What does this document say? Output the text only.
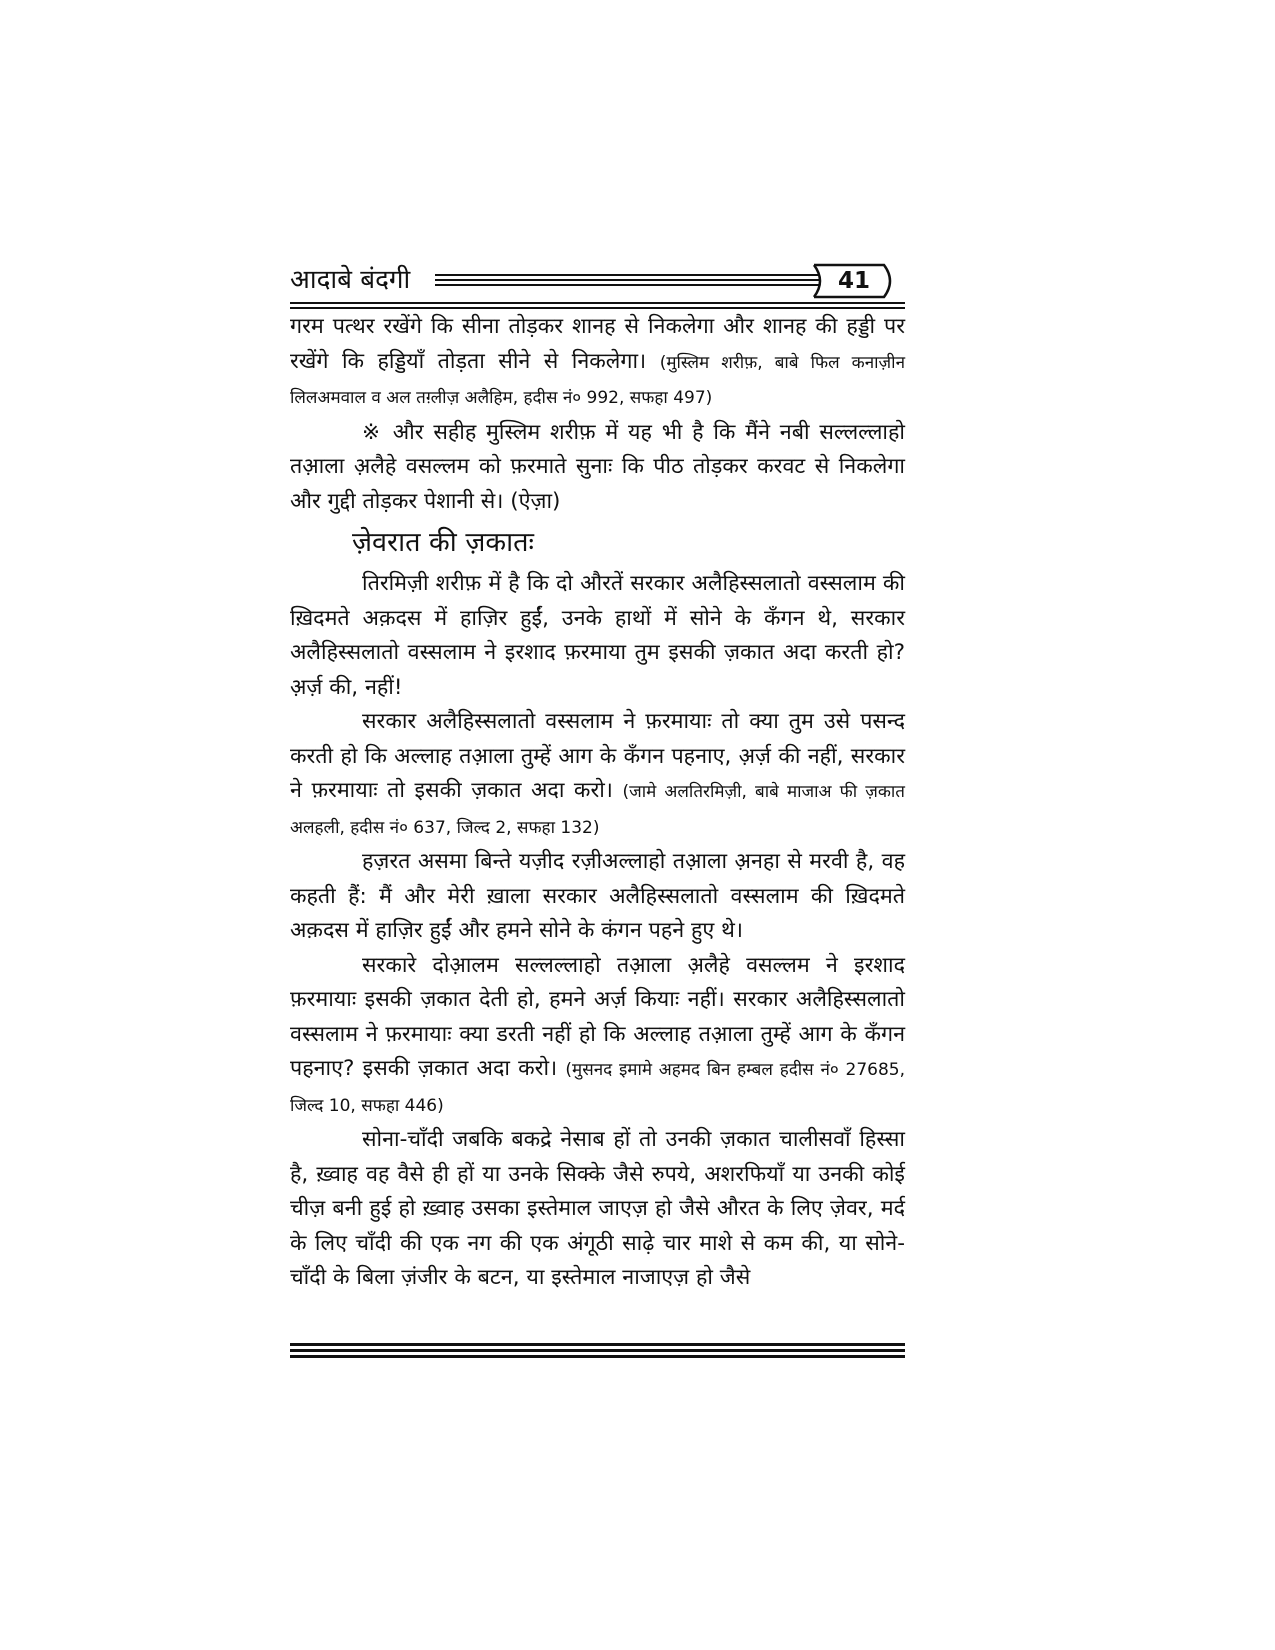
आदाबे बंदगी	41

गरम पत्थर रखेंगे कि सीना तोड़कर शानह से निकलेगा और शानह की हड्डी पर रखेंगे कि हड्डियाँ तोड़ता सीने से निकलेगा। (मुस्लिम शरीफ़, बाबे फिल कनाज़ीन लिलअमवाल व अल तग़्लीज़ अलैहिम, हदीस नं० 992, सफहा 497)

※ और सहीह मुस्लिम शरीफ़ में यह भी है कि मैंने नबी सल्लल्लाहो तआ़ला अ़लैहे वसल्लम को फ़रमाते सुनाः कि पीठ तोड़कर करवट से निकलेगा और गुद्दी तोड़कर पेशानी से। (ऐज़ा)

ज़ेवरात की ज़कातः

तिरमिज़ी शरीफ़ में है कि दो औरतें सरकार अलैहिस्सलातो वस्सलाम की ख़िदमते अक़दस में हाज़िर हुईं, उनके हाथों में सोने के कँगन थे, सरकार अलैहिस्सलातो वस्सलाम ने इरशाद फ़रमाया तुम इसकी ज़कात अदा करती हो? अ़र्ज़ की, नहीं!

सरकार अलैहिस्सलातो वस्सलाम ने फ़रमायाः तो क्या तुम उसे पसन्द करती हो कि अल्लाह तआ़ला तुम्हें आग के कँगन पहनाए, अ़र्ज़ की नहीं, सरकार ने फ़रमायाः तो इसकी ज़कात अदा करो। (जामे अलतिरमिज़ी, बाबे माजाअ फी ज़कात अलहली, हदीस नं० 637, जिल्द 2, सफहा 132)

हज़रत असमा बिन्ते यज़ीद रज़ीअल्लाहो तआ़ला अ़नहा से मरवी है, वह कहती हैं: मैं और मेरी ख़ाला सरकार अलैहिस्सलातो वस्सलाम की ख़िदमते अक़दस में हाज़िर हुईं और हमने सोने के कंगन पहने हुए थे।

सरकारे दोआ़लम सल्लल्लाहो तआ़ला अ़लैहे वसल्लम ने इरशाद फ़रमायाः इसकी ज़कात देती हो, हमने अर्ज़ कियाः नहीं। सरकार अलैहिस्सलातो वस्सलाम ने फ़रमायाः क्या डरती नहीं हो कि अल्लाह तआ़ला तुम्हें आग के कँगन पहनाए? इसकी ज़कात अदा करो। (मुसनद इमामे अहमद बिन हम्बल हदीस नं० 27685, जिल्द 10, सफहा 446)

सोना-चाँदी जबकि बकद्रे नेसाब हों तो उनकी ज़कात चालीसवाँ हिस्सा है, ख़्वाह वह वैसे ही हों या उनके सिक्के जैसे रुपये, अशरफियाँ या उनकी कोई चीज़ बनी हुई हो ख़्वाह उसका इस्तेमाल जाएज़ हो जैसे औरत के लिए ज़ेवर, मर्द के लिए चाँदी की एक नग की एक अंगूठी साढ़े चार माशे से कम की, या सोने-चाँदी के बिला ज़ंजीर के बटन, या इस्तेमाल नाजाएज़ हो जैसे
